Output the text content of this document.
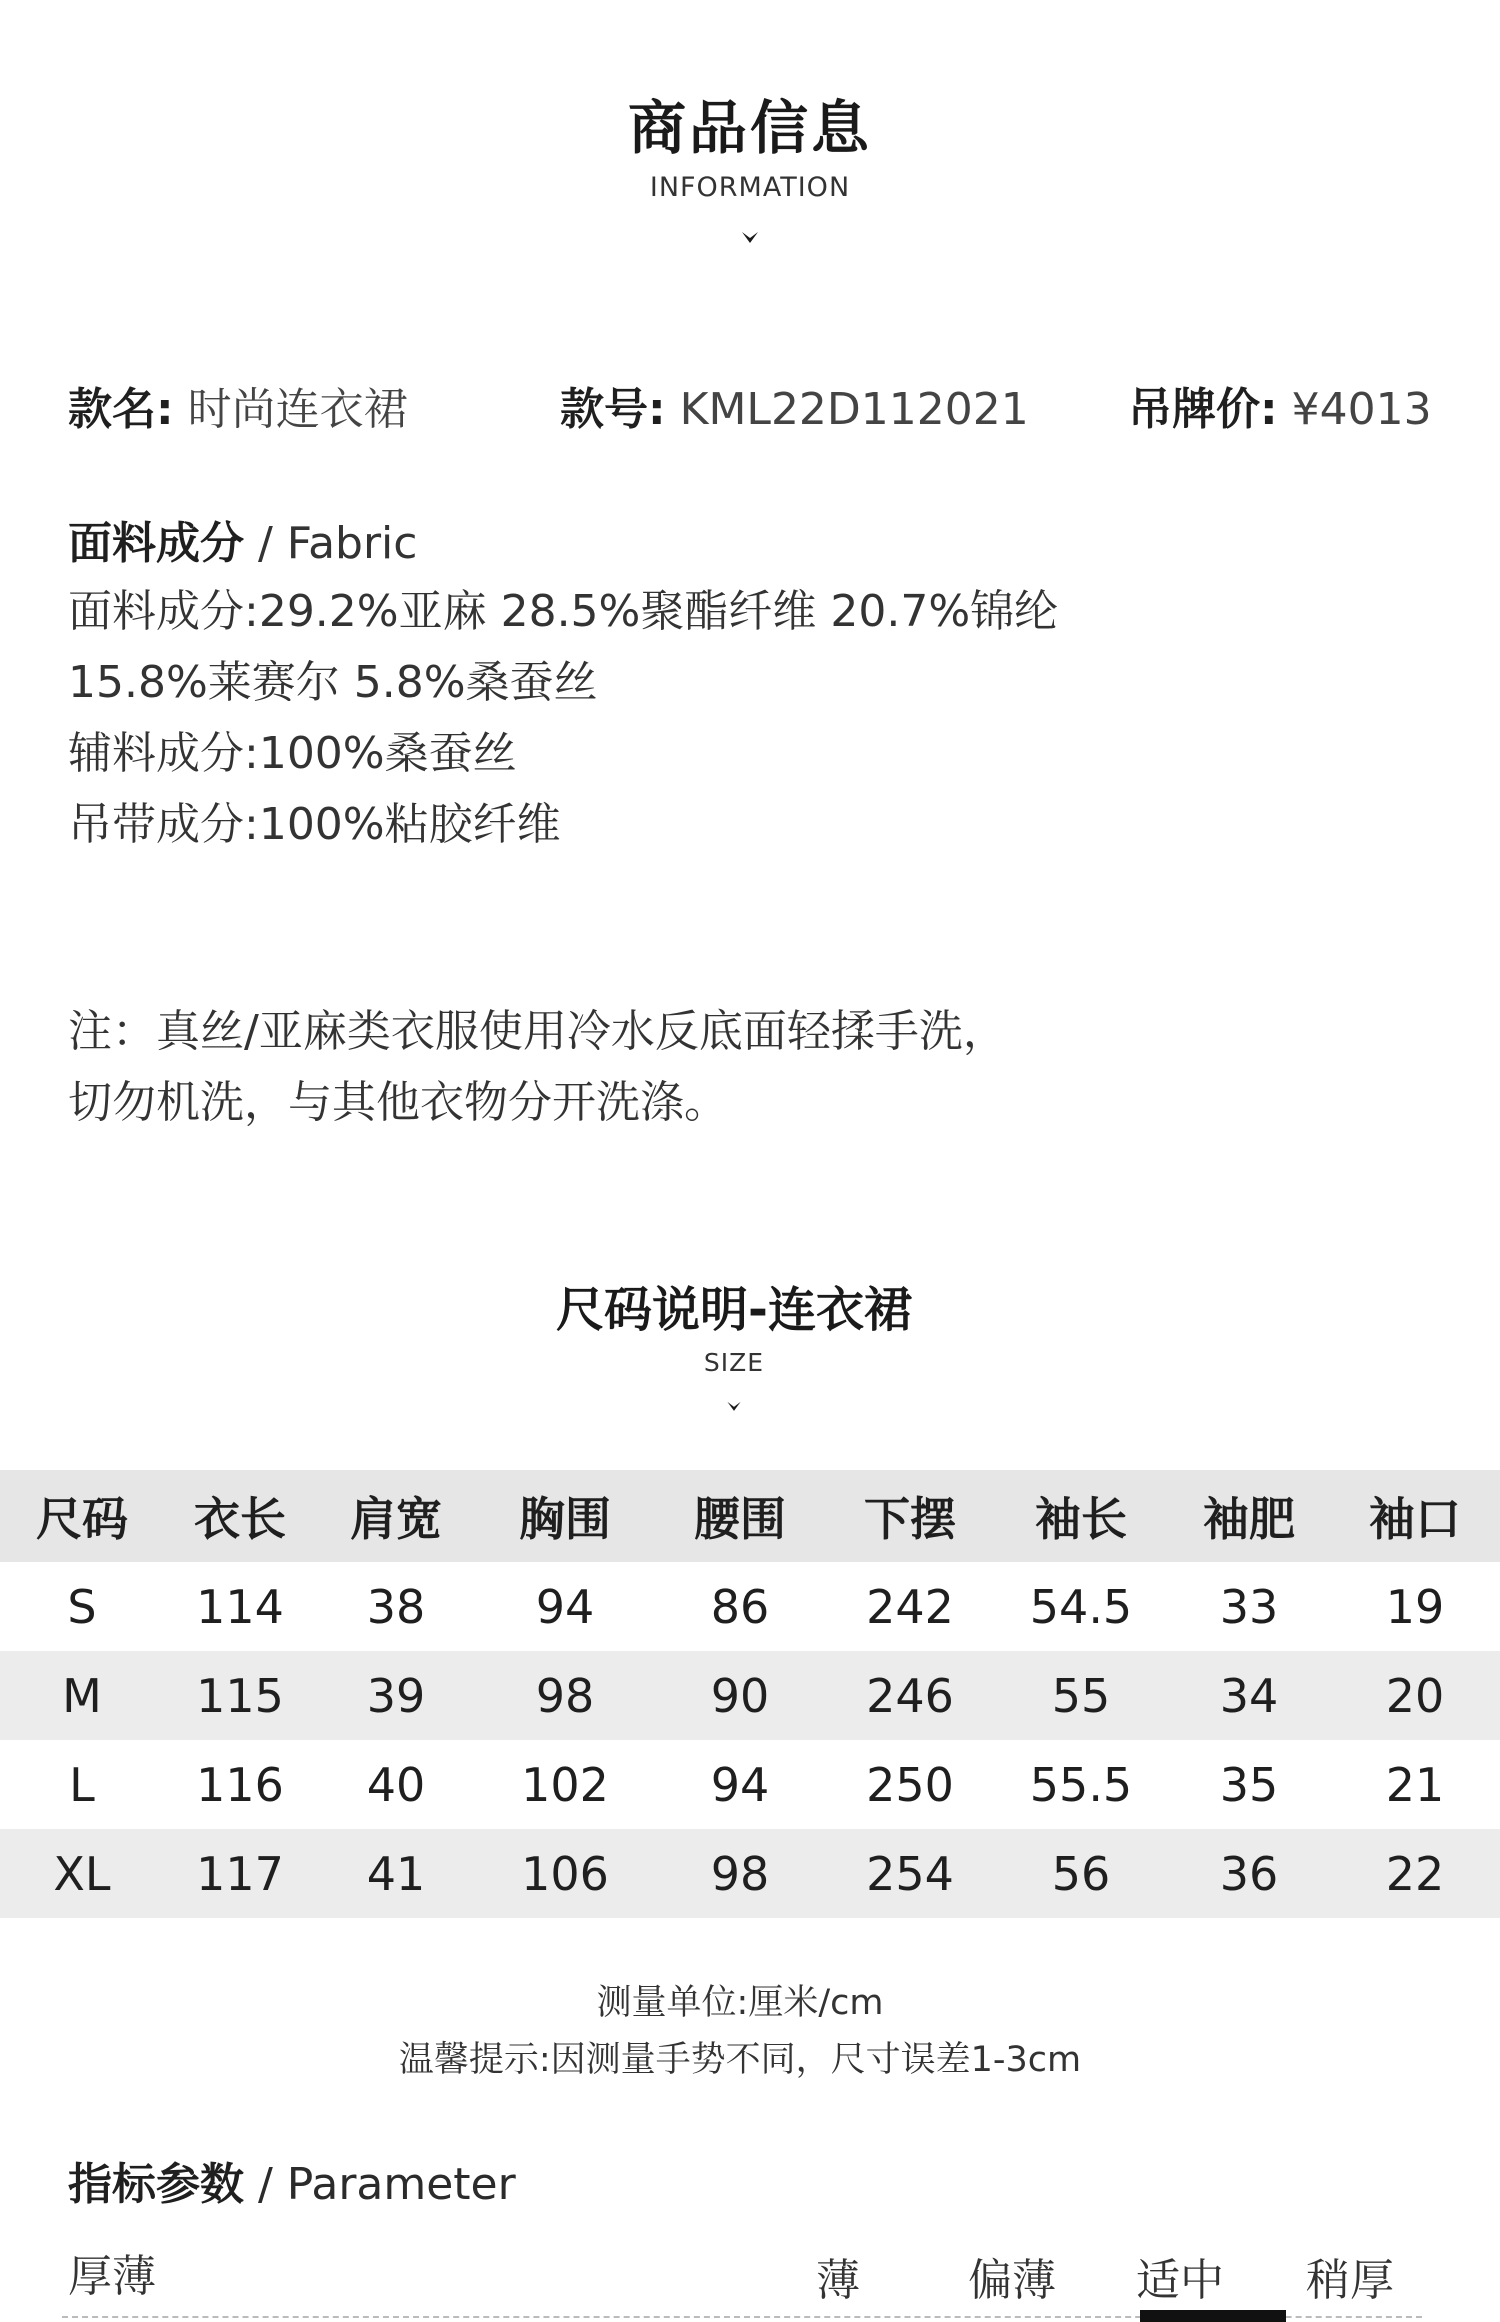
商品信息
INFORMATION
款名: 时尚连衣裙	款号: KML22D112021 吊牌价: ¥4013
面料成分 / Fabric
面料成分:29.2%亚麻 28.5%聚酯纤维 20.7%锦纶
15.8%莱赛尔 5.8%桑蚕丝
辅料成分:100%桑蚕丝
吊带成分:100%粘胶纤维
注：真丝/亚麻类衣服使用冷水反底面轻揉手洗，
切勿机洗，与其他衣物分开洗涤。
尺码说明-连衣裙
SIZE
尺码	衣长	肩宽	胸围	腰围	下摆	袖长	袖肥	袖口
S	114	38	94	86	242	54.5	33	19
M	115	39	98	90	246	55	34	20
L	116	40	102	94	250	55.5	35	21
XL	117	41	106	98	254	56	36	22
测量单位:厘米/cm
温馨提示:因测量手势不同，尺寸误差1-3cm
指标参数 / Parameter
厚薄	薄 偏薄 适中 稍厚
